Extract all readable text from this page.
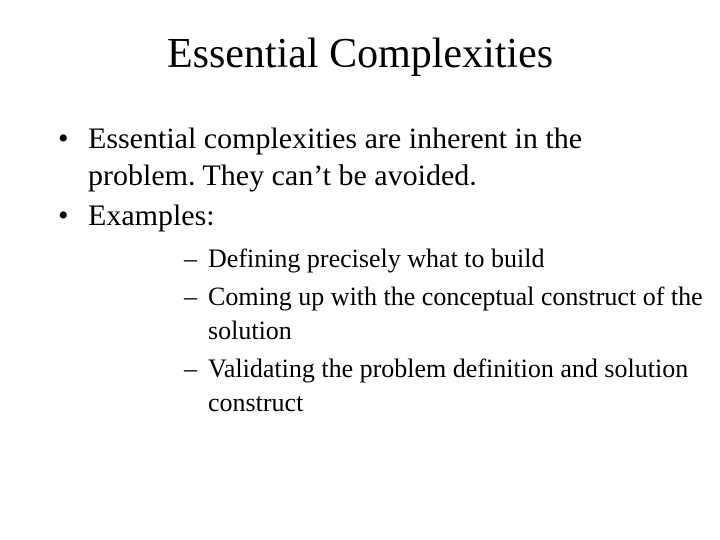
Essential Complexities
• Essential complexities are inherent in the problem. They can’t be avoided.
• Examples:
– Defining precisely what to build
– Coming up with the conceptual construct of the solution
– Validating the problem definition and solution construct
